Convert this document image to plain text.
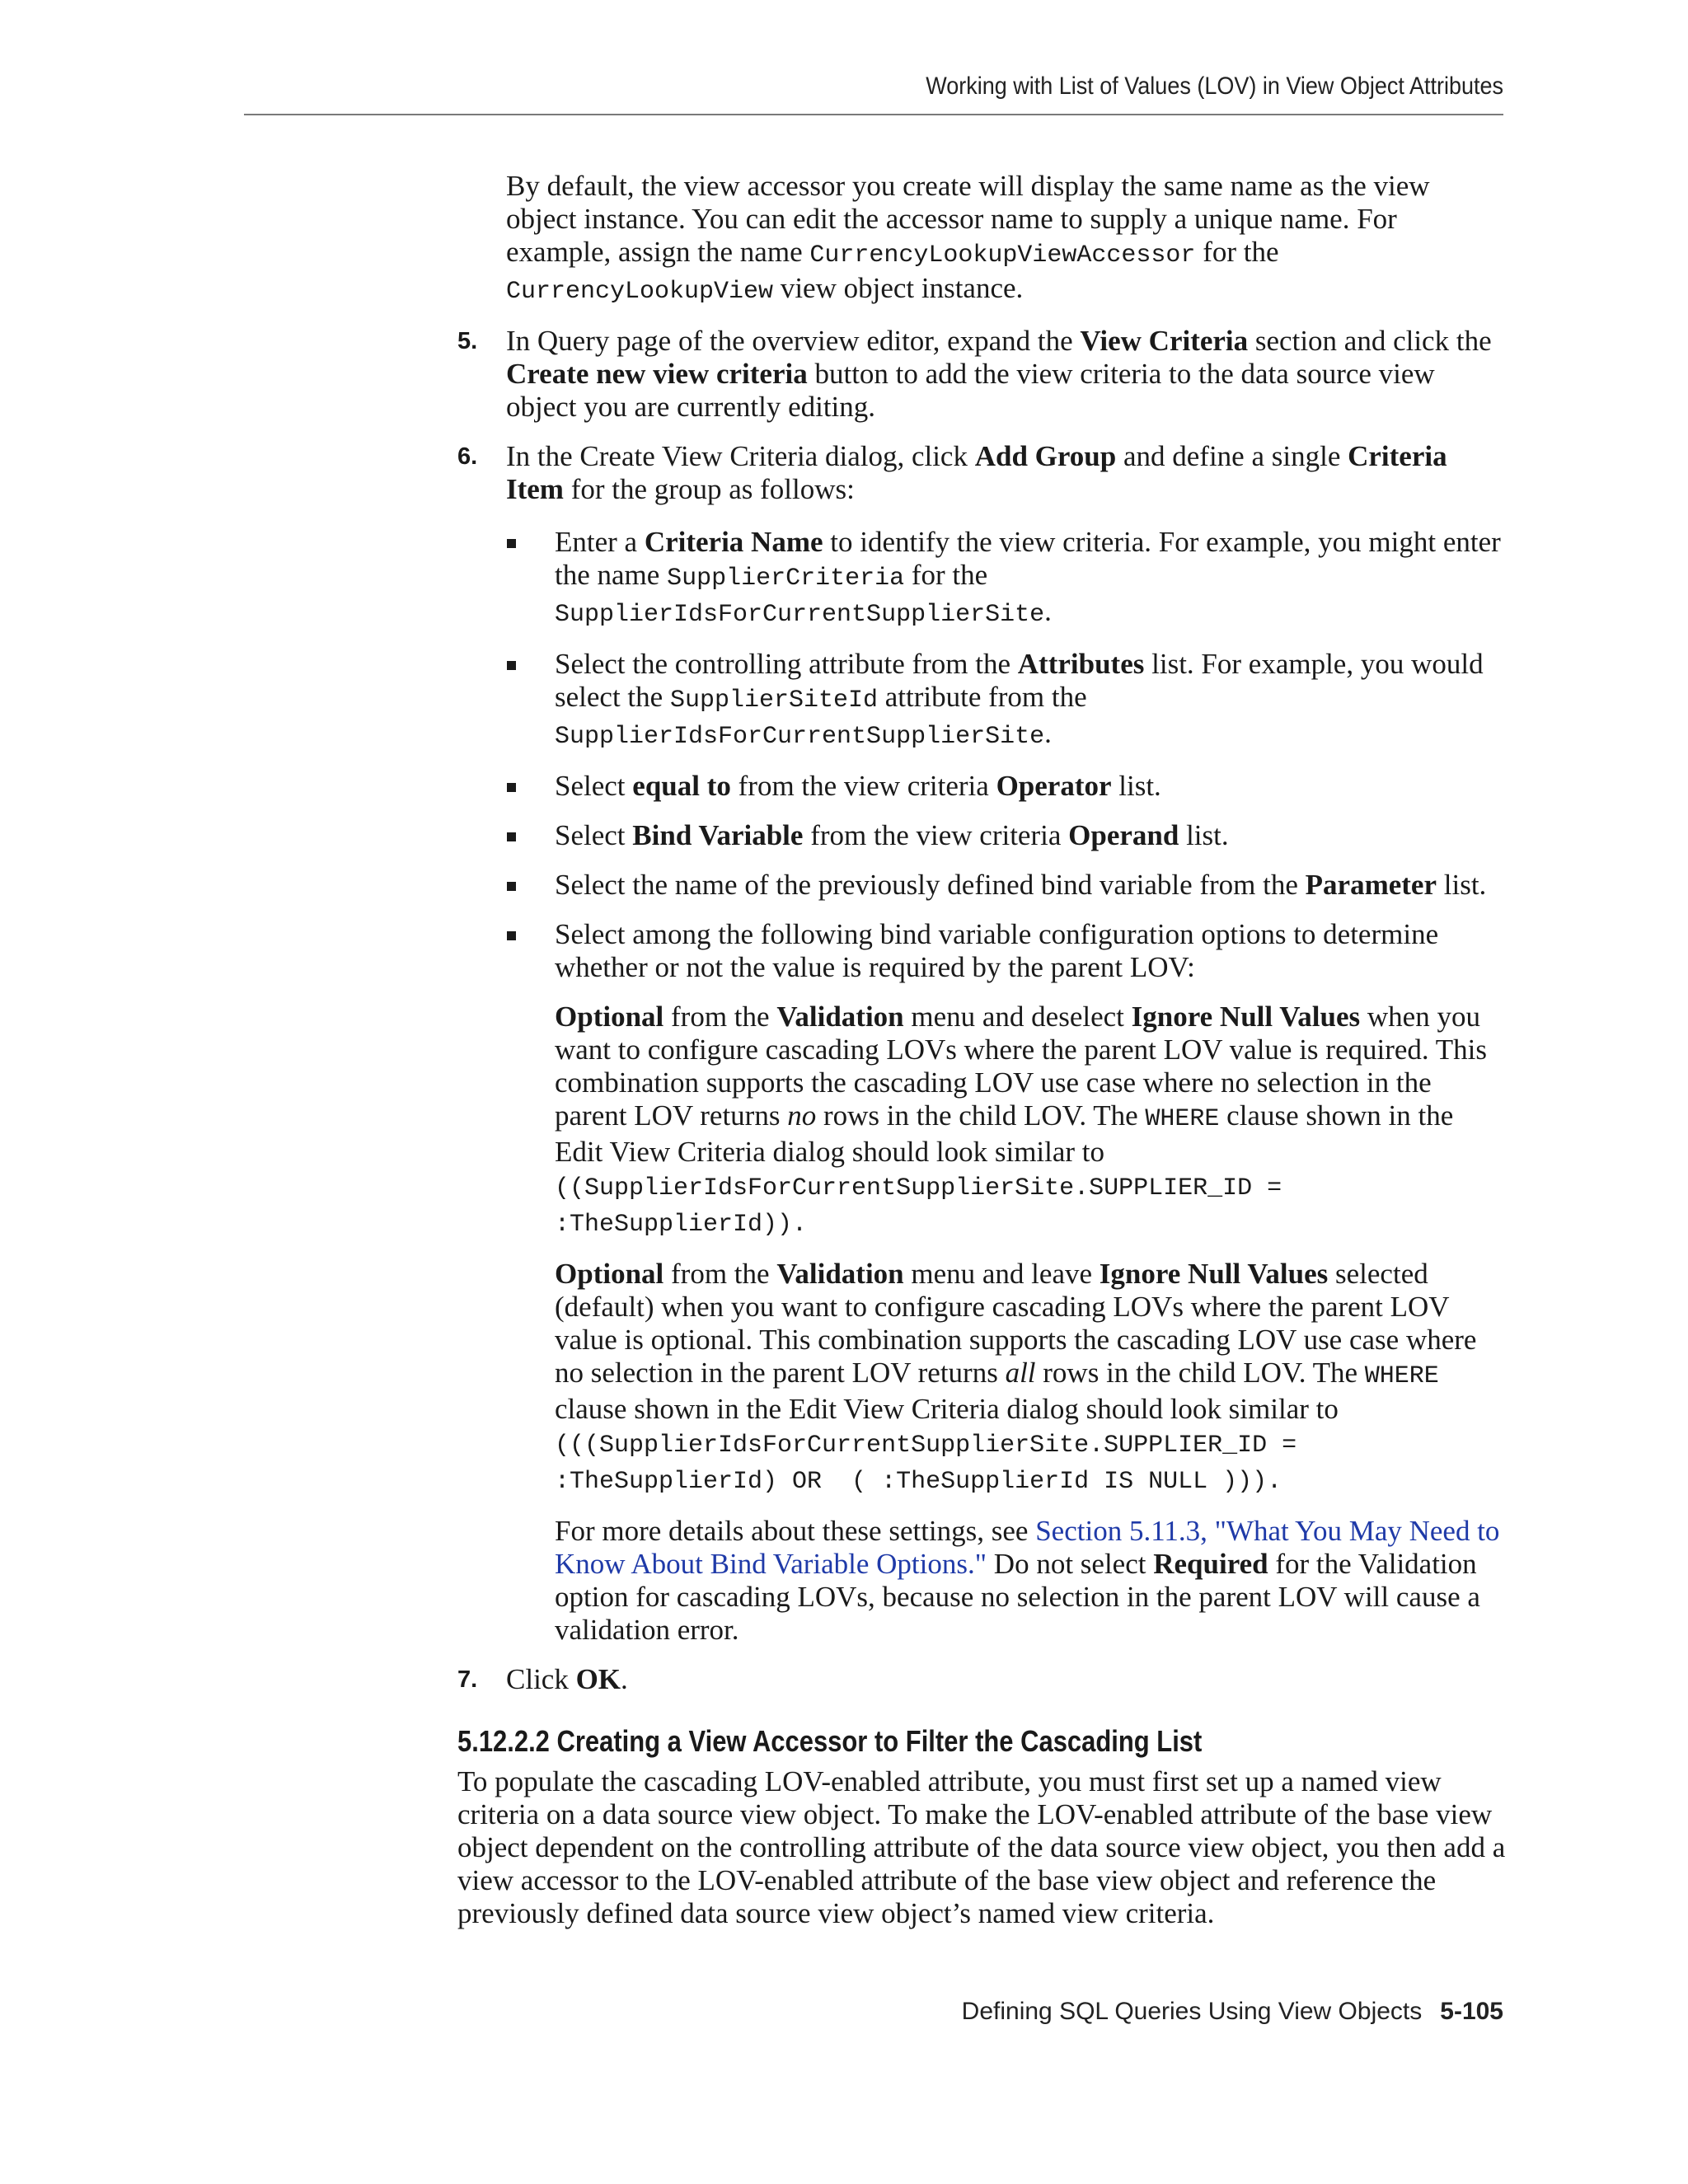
Working with List of Values (LOV) in View Object Attributes

By default, the view accessor you create will display the same name as the view object instance. You can edit the accessor name to supply a unique name. For example, assign the name CurrencyLookupViewAccessor for the CurrencyLookupView view object instance.

5. In Query page of the overview editor, expand the View Criteria section and click the Create new view criteria button to add the view criteria to the data source view object you are currently editing.
6. In the Create View Criteria dialog, click Add Group and define a single Criteria Item for the group as follows:
Enter a Criteria Name to identify the view criteria. For example, you might enter the name SupplierCriteria for the
SupplierIdsForCurrentSupplierSite.
Select the controlling attribute from the Attributes list. For example, you would select the SupplierSiteId attribute from the
SupplierIdsForCurrentSupplierSite.
Select equal to from the view criteria Operator list.
Select Bind Variable from the view criteria Operand list.
Select the name of the previously defined bind variable from the Parameter list.
Select among the following bind variable configuration options to determine whether or not the value is required by the parent LOV:

Optional from the Validation menu and deselect Ignore Null Values when you want to configure cascading LOVs where the parent LOV value is required. This combination supports the cascading LOV use case where no selection in the parent LOV returns no rows in the child LOV. The WHERE clause shown in the Edit View Criteria dialog should look similar to
((SupplierIdsForCurrentSupplierSite.SUPPLIER_ID =
:TheSupplierId)).

Optional from the Validation menu and leave Ignore Null Values selected (default) when you want to configure cascading LOVs where the parent LOV value is optional. This combination supports the cascading LOV use case where no selection in the parent LOV returns all rows in the child LOV. The WHERE clause shown in the Edit View Criteria dialog should look similar to
(((SupplierIdsForCurrentSupplierSite.SUPPLIER_ID =
:TheSupplierId) OR  ( :TheSupplierId IS NULL ))).

For more details about these settings, see Section 5.11.3, "What You May Need to Know About Bind Variable Options." Do not select Required for the Validation option for cascading LOVs, because no selection in the parent LOV will cause a validation error.

7. Click OK.
5.12.2.2 Creating a View Accessor to Filter the Cascading List

To populate the cascading LOV-enabled attribute, you must first set up a named view criteria on a data source view object. To make the LOV-enabled attribute of the base view object dependent on the controlling attribute of the data source view object, you then add a view accessor to the LOV-enabled attribute of the base view object and reference the previously defined data source view object’s named view criteria.

Defining SQL Queries Using View Objects 5-105
